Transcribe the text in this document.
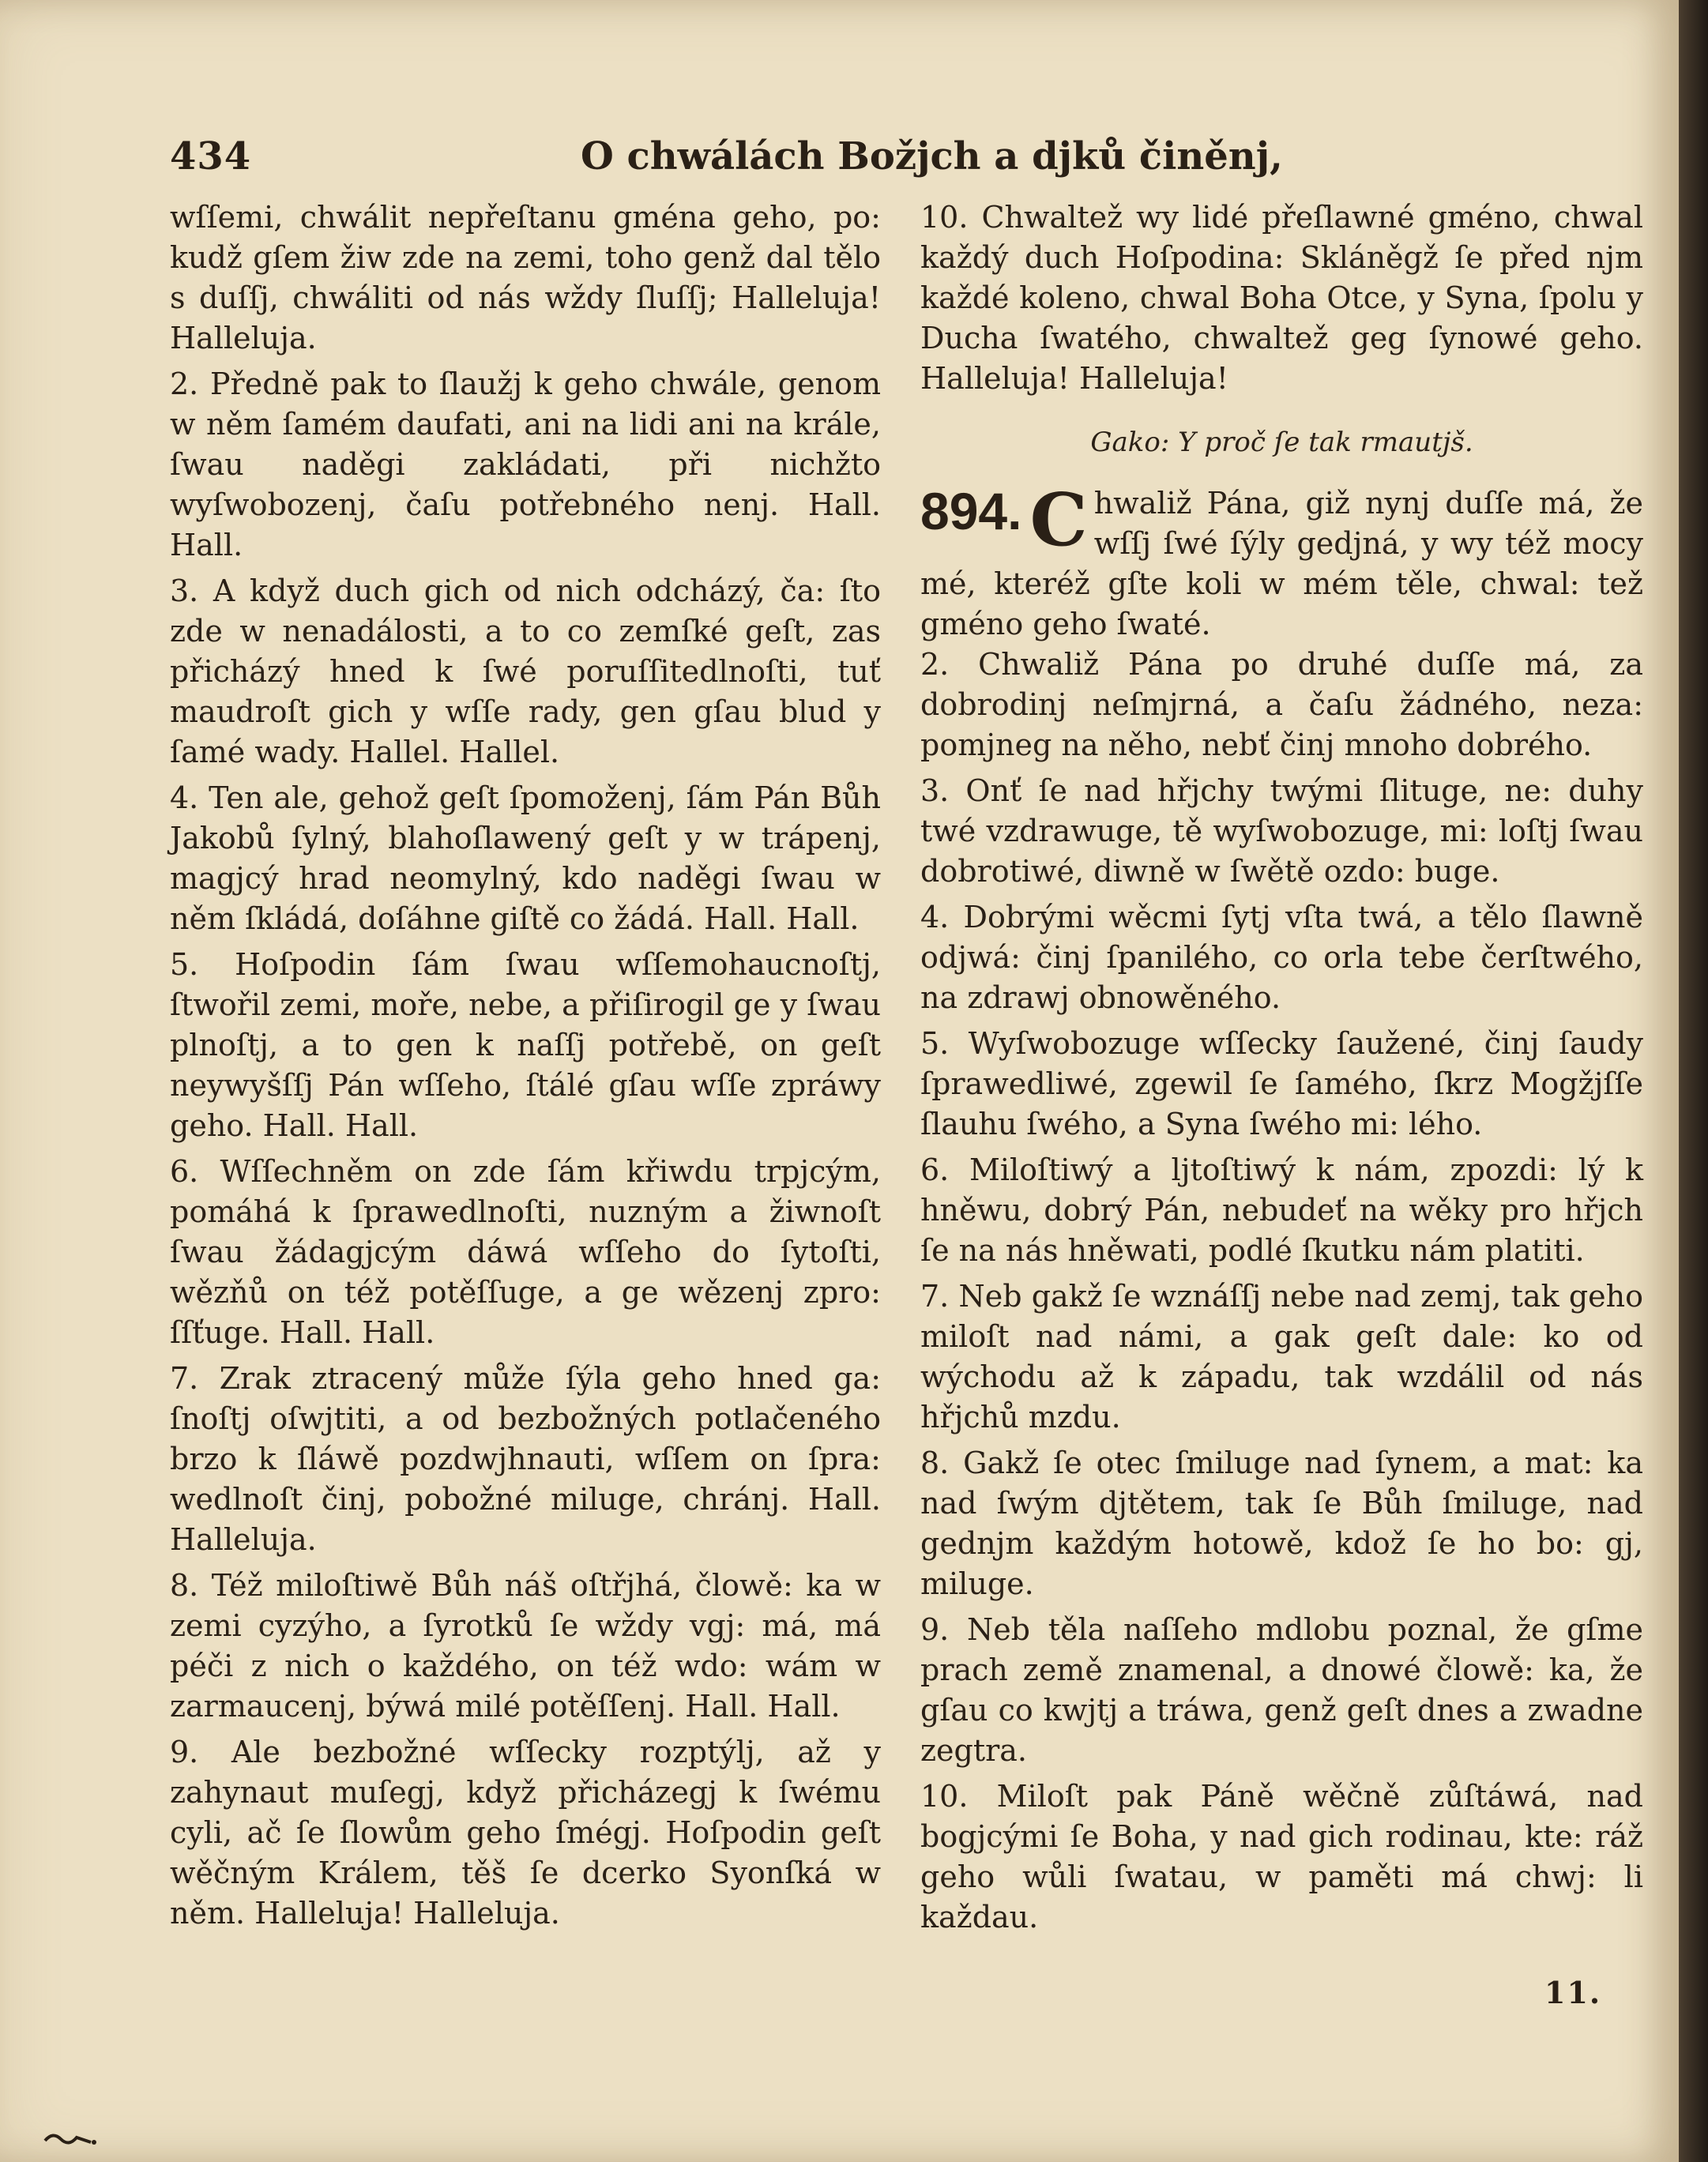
434	O chwálách Božjch a djků činěnj,

wſſemi, chwálit nepřeſtanu gména geho, po: kudž gſem žiw zde na zemi, toho genž dal tělo s duſſj, chwáliti od nás wždy ſluſſj; Halleluja! Halleluja.

2. Předně pak to ſlaužj k geho chwále, genom w něm ſamém daufati, ani na lidi ani na krále, ſwau naděgi zakládati, při nichžto wyſwobozenj, čaſu potřebného nenj. Hall. Hall.

3. A když duch gich od nich odcházý, ča: ſto zde w nenadálosti, a to co zemſké geſt, zas přicházý hned k ſwé poruſſitedlnoſti, tuť maudroſt gich y wſſe rady, gen gſau blud y ſamé wady. Hallel. Hallel.

4. Ten ale, gehož geſt ſpomoženj, ſám Pán Bůh Jakobů ſylný, blahoſlawený geſt y w trápenj, magjcý hrad neomylný, kdo naděgi ſwau w něm ſkládá, doſáhne giſtě co žádá. Hall. Hall.

5. Hoſpodin ſám ſwau wſſemohaucnoſtj, ſtwořil zemi, moře, nebe, a přiſirogil ge y ſwau plnoſtj, a to gen k naſſj potřebě, on geſt neywyšſſj Pán wſſeho, ſtálé gſau wſſe zpráwy geho. Hall. Hall.

6. Wſſechněm on zde ſám křiwdu trpjcým, pomáhá k ſprawedlnoſti, nuzným a žiwnoſt ſwau žádagjcým dáwá wſſeho do ſytoſti, wězňů on též potěſſuge, a ge wězenj zpro: ſſťuge. Hall. Hall.

7. Zrak ztracený může ſýla geho hned ga: ſnoſtj oſwjtiti, a od bezbožných potlačeného brzo k ſláwě pozdwjhnauti, wſſem on ſpra: wedlnoſt činj, pobožné miluge, chránj. Hall. Halleluja.

8. Též miloſtiwě Bůh náš oſtřjhá, člowě: ka w zemi cyzýho, a ſyrotků ſe wždy vgj: má, má péči z nich o každého, on též wdo: wám w zarmaucenj, býwá milé potěſſenj. Hall. Hall.

9. Ale bezbožné wſſecky rozptýlj, až y zahynaut muſegj, když přicházegj k ſwému cyli, ač ſe ſlowům geho ſmégj. Hoſpodin geſt wěčným Králem, těš ſe dcerko Syonſká w něm. Halleluja! Halleluja.

10. Chwaltež wy lidé přeſlawné gméno, chwal každý duch Hoſpodina: Skláněgž ſe před njm každé koleno, chwal Boha Otce, y Syna, ſpolu y Ducha ſwatého, chwaltež geg ſynowé geho. Halleluja! Halleluja!

Gako: Y proč ſe tak rmautjš.
894. C hwaliž Pána, giž nynj duſſe má, že wſſj ſwé ſýly gedjná, y wy též mocy mé, kteréž gſte koli w mém těle, chwal: tež gméno geho ſwaté.

2. Chwaliž Pána po druhé duſſe má, za dobrodinj neſmjrná, a čaſu žádného, neza: pomjneg na něho, nebť činj mnoho dobrého.

3. Onť ſe nad hřjchy twými ſlituge, ne: duhy twé vzdrawuge, tě wyſwobozuge, mi: loſtj ſwau dobrotiwé, diwně w ſwětě ozdo: buge.

4. Dobrými wěcmi ſytj vſta twá, a tělo ſlawně odjwá: činj ſpanilého, co orla tebe čerſtwého, na zdrawj obnowěného.

5. Wyſwobozuge wſſecky ſaužené, činj ſaudy ſprawedliwé, zgewil ſe ſamého, ſkrz Mogžjſſe ſlauhu ſwého, a Syna ſwého mi: lého.

6. Miloſtiwý a ljtoſtiwý k nám, zpozdi: lý k hněwu, dobrý Pán, nebudeť na wěky pro hřjch ſe na nás hněwati, podlé ſkutku nám platiti.

7. Neb gakž ſe wznáſſj nebe nad zemj, tak geho miloſt nad námi, a gak geſt dale: ko od wýchodu až k západu, tak wzdálil od nás hřjchů mzdu.

8. Gakž ſe otec ſmiluge nad ſynem, a mat: ka nad ſwým djtětem, tak ſe Bůh ſmiluge, nad gednjm každým hotowě, kdož ſe ho bo: gj, miluge.

9. Neb těla naſſeho mdlobu poznal, že gſme prach země znamenal, a dnowé člowě: ka, že gſau co kwjtj a tráwa, genž geſt dnes a zwadne zegtra.

10. Miloſt pak Páně wěčně zůſtáwá, nad bogjcými ſe Boha, y nad gich rodinau, kte: ráž geho wůli ſwatau, w paměti má chwj: li každau.

11.
